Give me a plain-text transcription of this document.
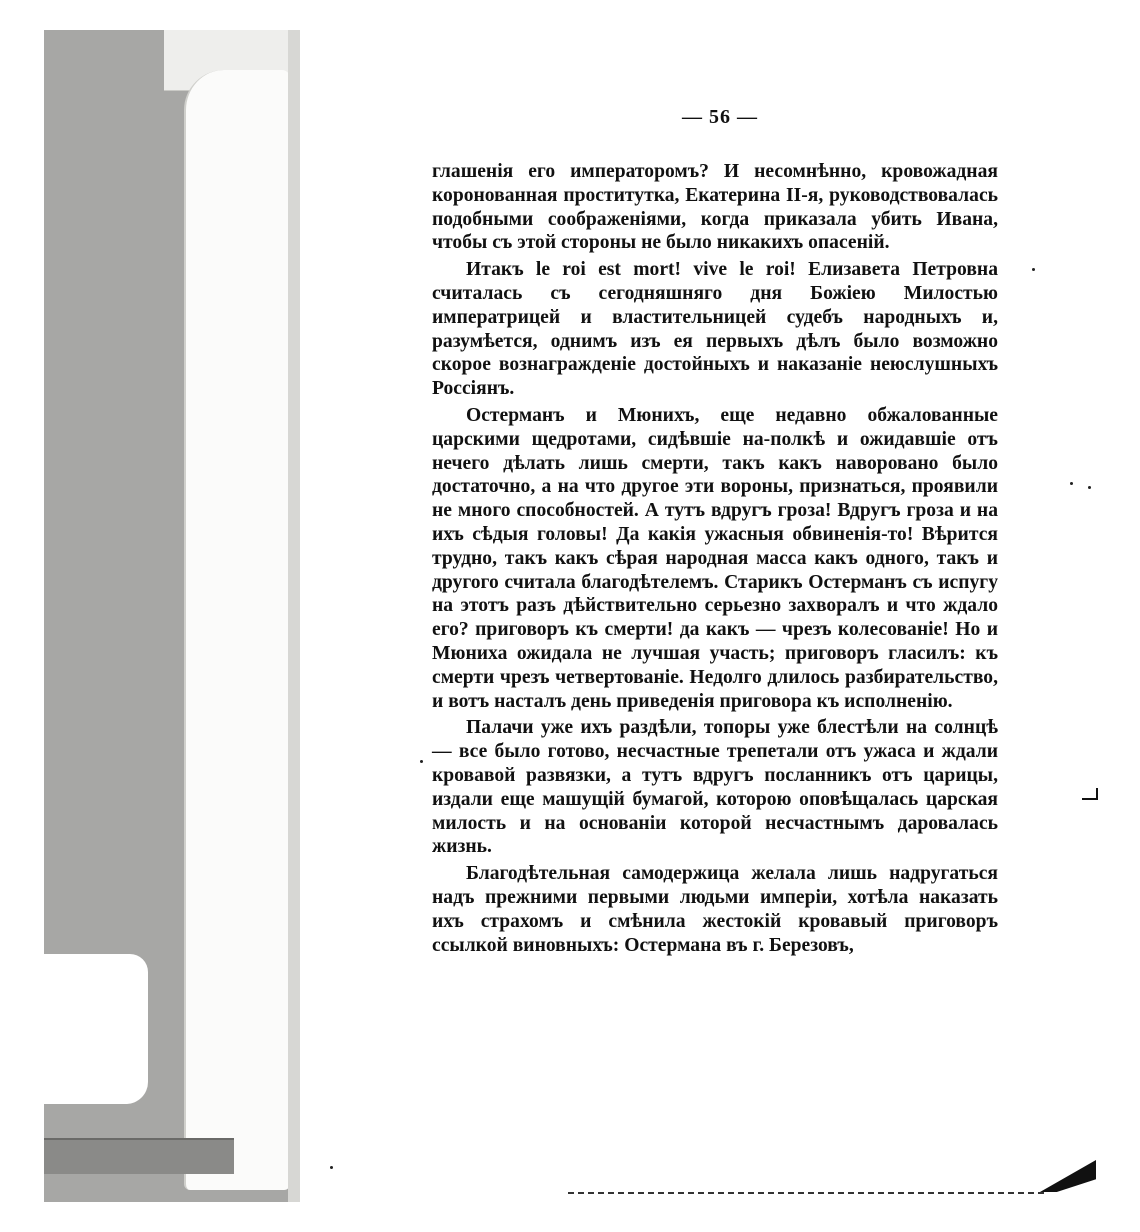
— 56 —

глашенія его императоромъ? И несомнѣнно, кровожадная коронованная проститутка, Екатерина II-я, руководствовалась подобными соображеніями, когда приказала убить Ивана, чтобы съ этой стороны не было никакихъ опасеній.

Итакъ le roi est mort! vive le roi! Елизавета Петровна считалась съ сегодняшняго дня Божіею Милостью императрицей и властительницей судебъ народныхъ и, разумѣется, однимъ изъ ея первыхъ дѣлъ было возможно скорое вознагражденіе достойныхъ и наказаніе неюслушныхъ Россіянъ.

Остерманъ и Мюнихъ, еще недавно обжалованные царскими щедротами, сидѣвшіе на-полкѣ и ожидавшіе отъ нечего дѣлать лишь смерти, такъ какъ наворовано было достаточно, а на что другое эти вороны, признаться, проявили не много способностей. А тутъ вдругъ гроза! Вдругъ гроза и на ихъ сѣдыя головы! Да какія ужасныя обвиненія-то! Вѣрится трудно, такъ какъ сѣрая народная масса какъ одного, такъ и другого считала благодѣтелемъ. Старикъ Остерманъ съ испугу на этотъ разъ дѣйствительно серьезно захворалъ и что ждало его? приговоръ къ смерти! да какъ — чрезъ колесованіе! Но и Мюниха ожидала не лучшая участь; приговоръ гласилъ: къ смерти чрезъ четвертованіе. Недолго длилось разбирательство, и вотъ насталъ день приведенія приговора къ исполненію.

Палачи уже ихъ раздѣли, топоры уже блестѣли на солнцѣ — все было готово, несчастные трепетали отъ ужаса и ждали кровавой развязки, а тутъ вдругъ посланникъ отъ царицы, издали еще машущій бумагой, которою оповѣщалась царская милость и на основаніи которой несчастнымъ даровалась жизнь.

Благодѣтельная самодержица желала лишь надругаться надъ прежними первыми людьми имперіи, хотѣла наказать ихъ страхомъ и смѣнила жестокій кровавый приговоръ ссылкой виновныхъ: Остермана въ г. Березовъ,
